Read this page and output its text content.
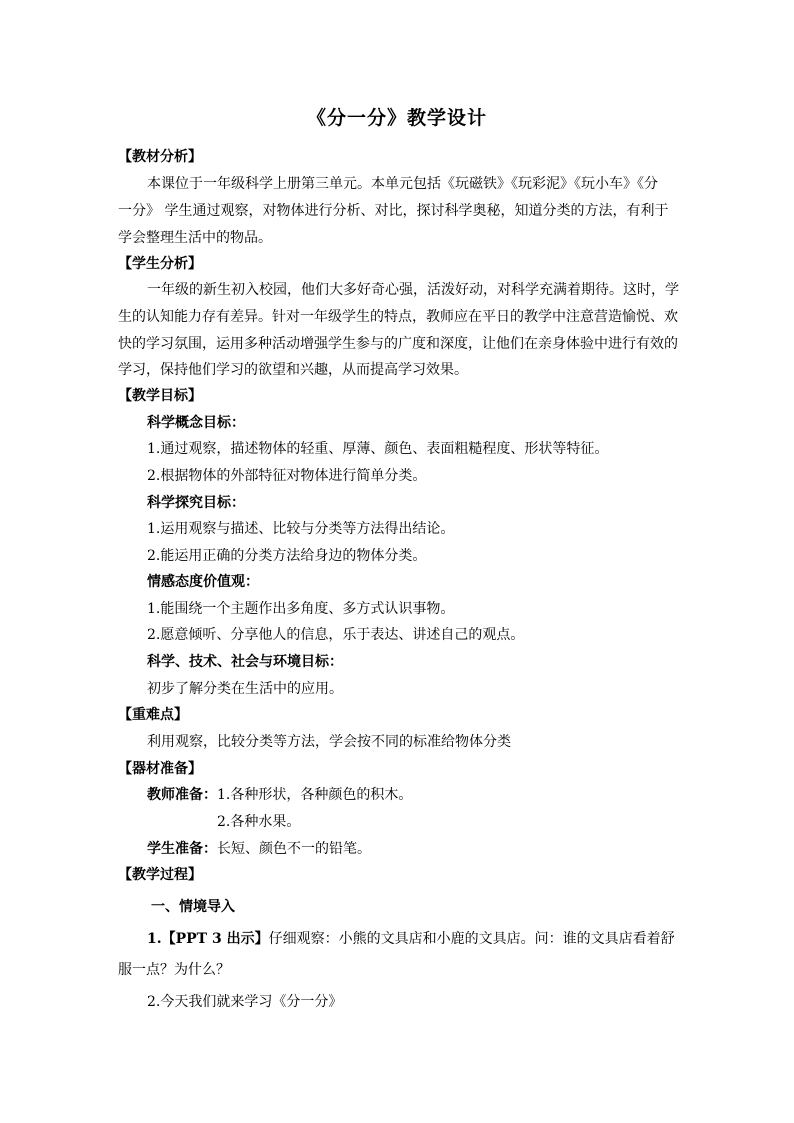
《分一分》教学设计
【教材分析】
本课位于一年级科学上册第三单元。本单元包括《玩磁铁》《玩彩泥》《玩小车》《分
一分》 学生通过观察，对物体进行分析、对比，探讨科学奥秘，知道分类的方法，有利于
学会整理生活中的物品。
【学生分析】
一年级的新生初入校园，他们大多好奇心强，活泼好动，对科学充满着期待。这时，学
生的认知能力存有差异。针对一年级学生的特点，教师应在平日的教学中注意营造愉悦、欢
快的学习氛围，运用多种活动增强学生参与的广度和深度，让他们在亲身体验中进行有效的
学习，保持他们学习的欲望和兴趣，从而提高学习效果。
【教学目标】
科学概念目标：
1.通过观察，描述物体的轻重、厚薄、颜色、表面粗糙程度、形状等特征。
2.根据物体的外部特征对物体进行简单分类。
科学探究目标：
1.运用观察与描述、比较与分类等方法得出结论。
2.能运用正确的分类方法给身边的物体分类。
情感态度价值观：
1.能围绕一个主题作出多角度、多方式认识事物。
2.愿意倾听、分享他人的信息，乐于表达、讲述自己的观点。
科学、技术、社会与环境目标：
初步了解分类在生活中的应用。
【重难点】
利用观察，比较分类等方法，学会按不同的标准给物体分类
【器材准备】
教师准备：1.各种形状，各种颜色的积木。
2.各种水果。
学生准备：长短、颜色不一的铅笔。
【教学过程】
一、情境导入
1.【PPT 3 出示】仔细观察：小熊的文具店和小鹿的文具店。问：谁的文具店看着舒
服一点？为什么？
2.今天我们就来学习《分一分》
